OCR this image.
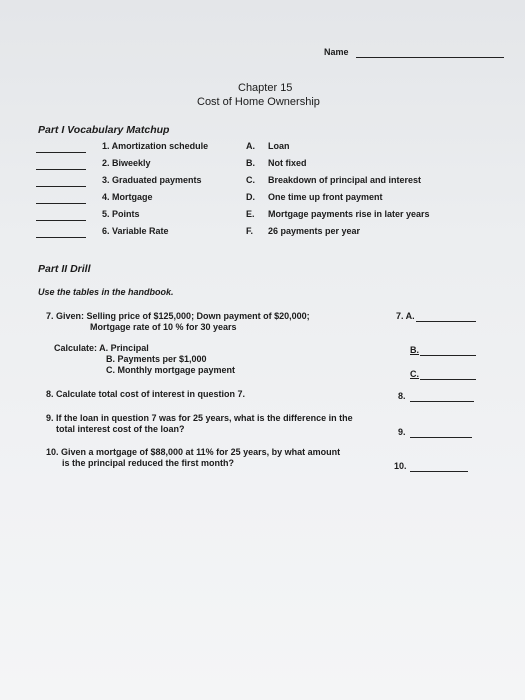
Name
Chapter 15
Cost of Home Ownership
Part I Vocabulary Matchup
1. Amortization schedule
2. Biweekly
3. Graduated payments
4. Mortgage
5. Points
6. Variable Rate
A. Loan
B. Not fixed
C. Breakdown of principal and interest
D. One time up front payment
E. Mortgage payments rise in later years
F. 26 payments per year
Part II Drill
Use the tables in the handbook.
7. Given: Selling price of $125,000; Down payment of $20,000;
Mortgage rate of 10 % for 30 years
Calculate: A. Principal
B. Payments per $1,000
C. Monthly mortgage payment
8. Calculate total cost of interest in question 7.
9. If the loan in question 7 was for 25 years, what is the difference in the
total interest cost of the loan?
10. Given a mortgage of $88,000 at 11% for 25 years, by what amount
is the principal reduced the first month?
7. A.
B.
C.
8.
9.
10.
